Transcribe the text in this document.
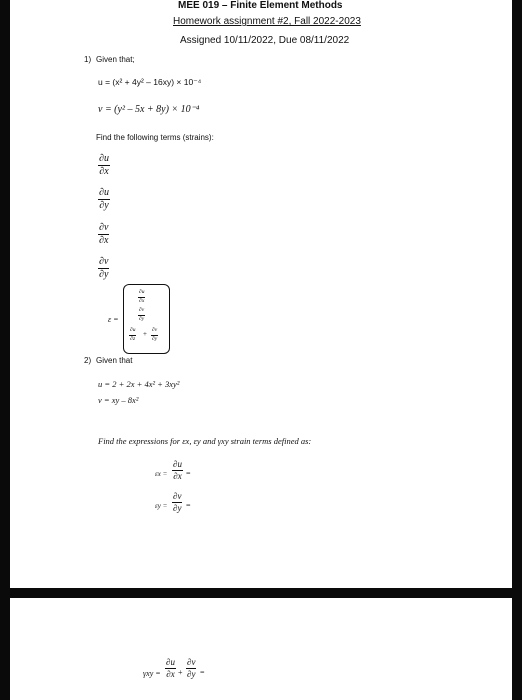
MEE 019 – Finite Element Methods
Homework assignment #2, Fall 2022-2023
Assigned 10/11/2022, Due 08/11/2022
1) Given that;
u = (x² + 4y² – 16xy) × 10⁻⁴
v = (y² – 5x + 8y) × 10⁻⁴
Find the following terms (strains):
$\frac{\partial u}{\partial x}$
$\frac{\partial u}{\partial y}$
$\frac{\partial v}{\partial x}$
$\frac{\partial v}{\partial y}$
ε =
$\frac{\partial u}{\partial x}$
$\frac{\partial v}{\partial y}$
$\frac{\partial u}{\partial z} + \frac{\partial v}{\partial y}$
2) Given that
u = 2 + 2x + 4x² + 3xy²
v = xy – 8x²
Find the expressions for εx, εy and γxy strain terms defined as:
$\varepsilon x = \frac{\partial u}{\partial x}$ =
$\varepsilon y = \frac{\partial v}{\partial y}$ =
$\gamma xy = \frac{\partial u}{\partial x} + \frac{\partial v}{\partial y}$ =
